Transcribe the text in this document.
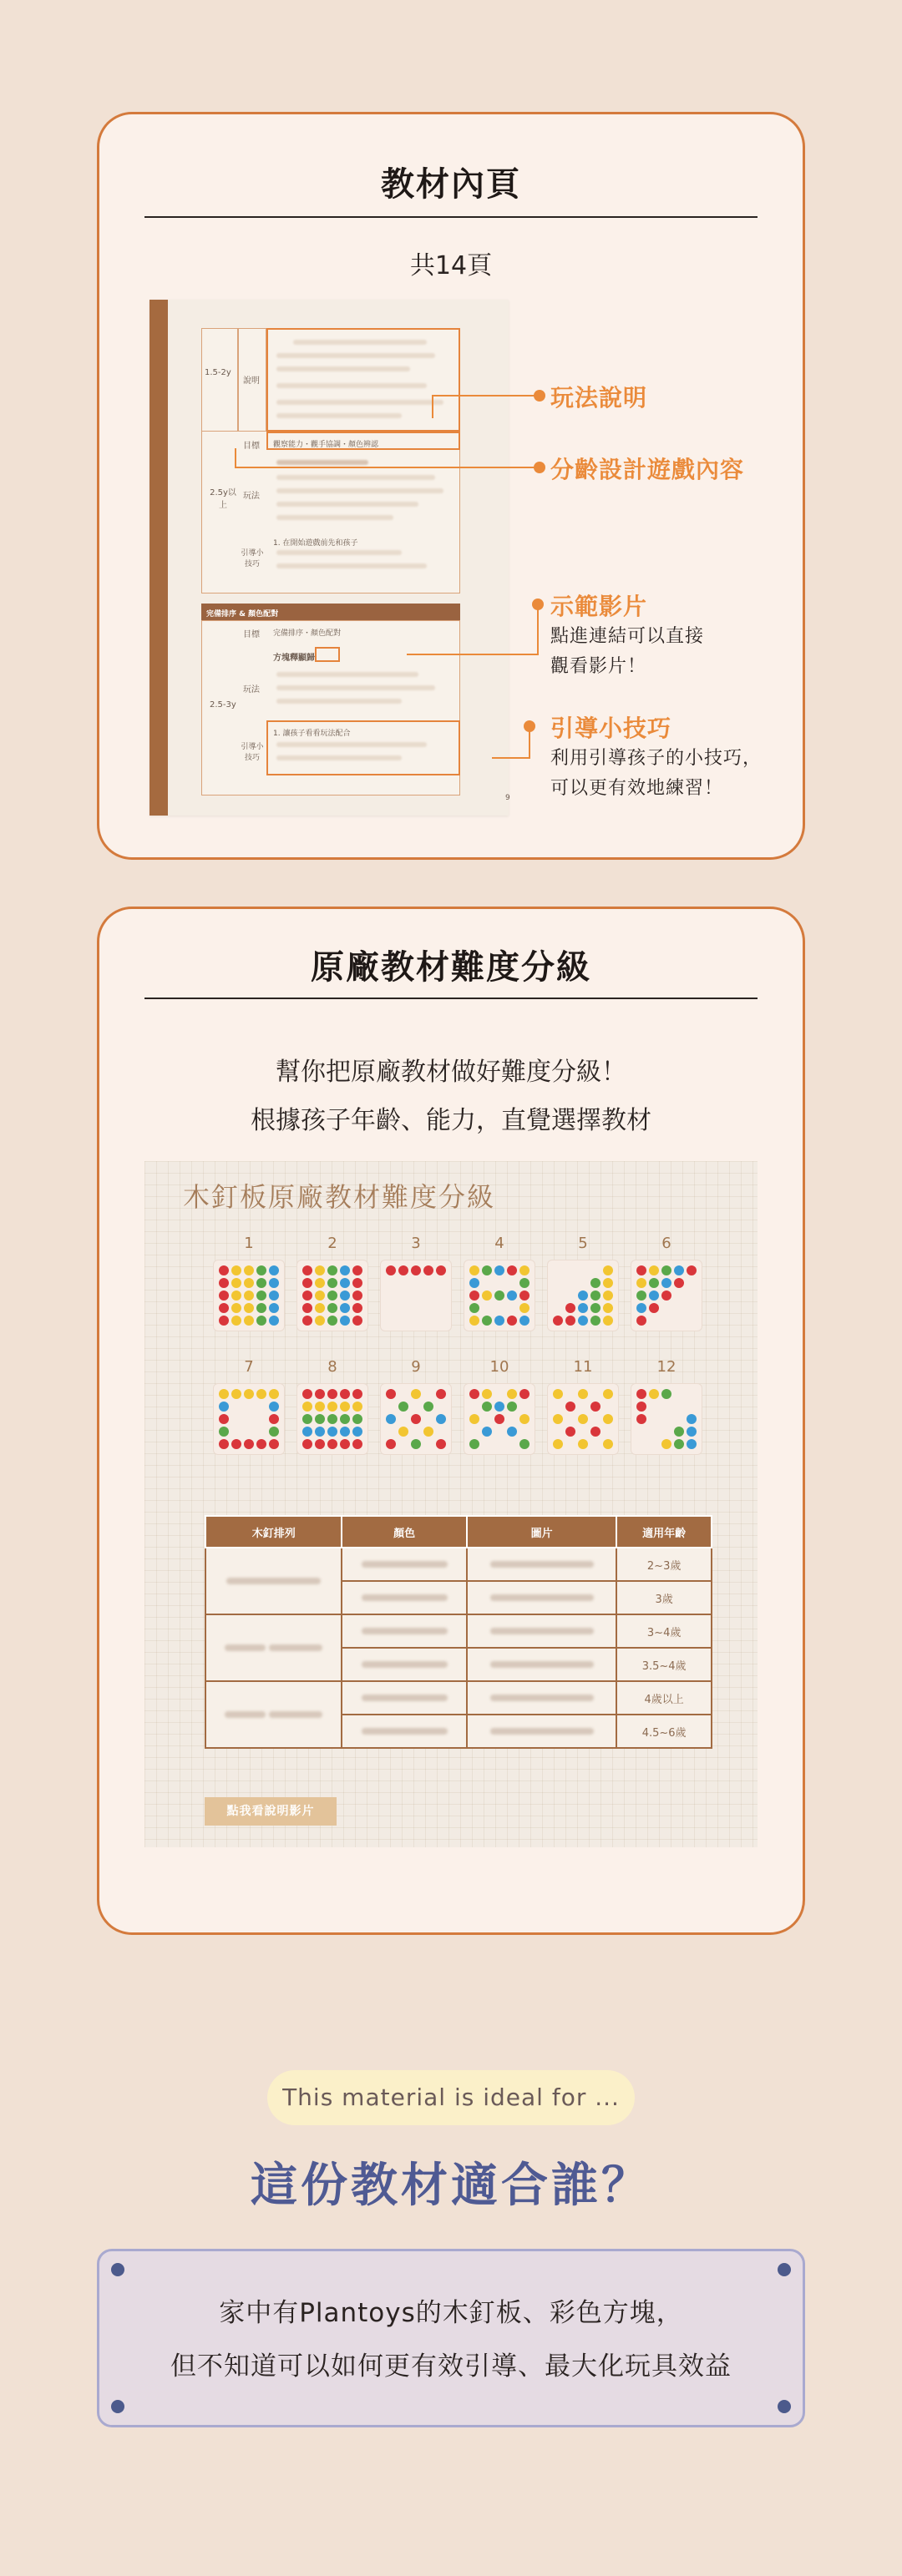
教材內頁
共14頁
1.5-2y
說明
目標 觀察能力・觀手協調・顏色辨認
2.5y以上
玩法
引導小技巧
1. 在開始遊戲前先和孩子
完備排序 & 顏色配對
目標 完備排序・顏色配對
玩法
方塊釋顯歸
2.5-3y
引導小技巧
1. 讓孩子看看玩法配合
9
玩法說明
分齡設計遊戲內容
示範影片
點進連結可以直接
觀看影片！
引導小技巧
利用引導孩子的小技巧，
可以更有效地練習！
原廠教材難度分級
幫你把原廠教材做好難度分級！
根據孩子年齡、能力，直覺選擇教材
木釘板原廠教材難度分級
1	2	3	4	5	6
7	8	9	10	11	12
木釘排列	顏色	圖片	適用年齡
			2~3歲
			3歲
			3~4歲
			3.5~4歲
			4歲以上
			4.5~6歲
點我看說明影片
This material is ideal for ...
這份教材適合誰？
家中有Plantoys的木釘板、彩色方塊，
但不知道可以如何更有效引導、最大化玩具效益
